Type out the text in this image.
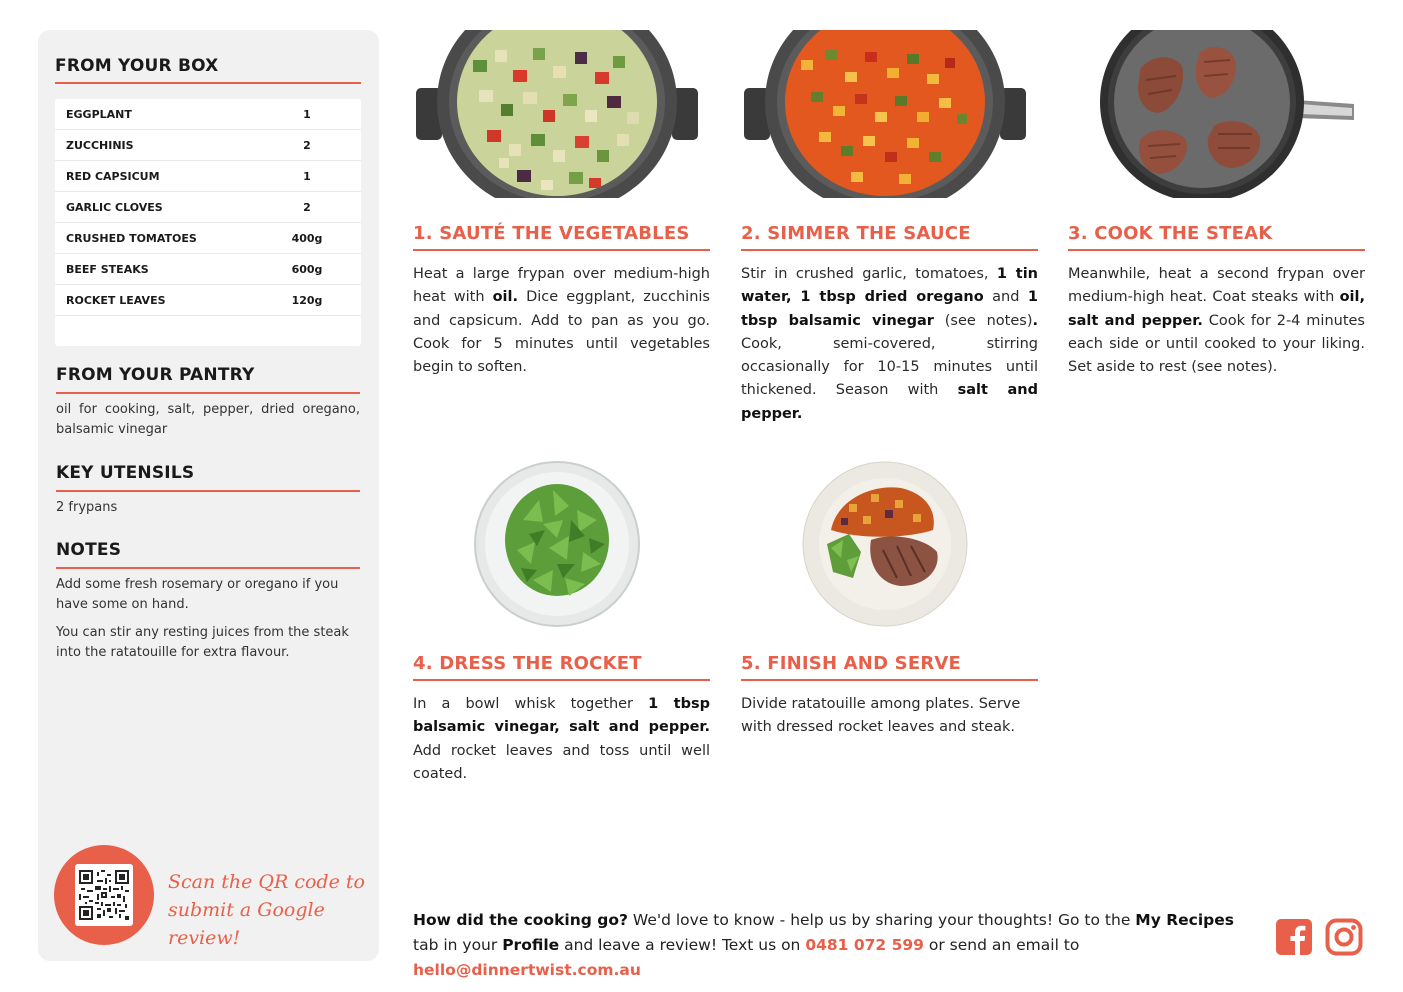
FROM YOUR BOX
EGGPLANT	1
ZUCCHINIS	2
RED CAPSICUM	1
GARLIC CLOVES	2
CRUSHED TOMATOES	400g
BEEF STEAKS	600g
ROCKET LEAVES	120g
FROM YOUR PANTRY
oil for cooking, salt, pepper, dried oregano, balsamic vinegar
KEY UTENSILS
2 frypans
NOTES

Add some fresh rosemary or oregano if you have some on hand.

You can stir any resting juices from the steak into the ratatouille for extra flavour.

Scan the QR code to
submit a Google review!
1. SAUTÉ THE VEGETABLES
Heat a large frypan over medium-high heat with oil. Dice eggplant, zucchinis and capsicum. Add to pan as you go. Cook for 5 minutes until vegetables begin to soften.
2. SIMMER THE SAUCE
Stir in crushed garlic, tomatoes, 1 tin water, 1 tbsp dried oregano and 1 tbsp balsamic vinegar (see notes). Cook, semi-covered, stirring occasionally for 10-15 minutes until thickened. Season with salt and pepper.
3. COOK THE STEAK
Meanwhile, heat a second frypan over medium-high heat. Coat steaks with oil, salt and pepper. Cook for 2-4 minutes each side or until cooked to your liking. Set aside to rest (see notes).
4. DRESS THE ROCKET
In a bowl whisk together 1 tbsp balsamic vinegar, salt and pepper. Add rocket leaves and toss until well coated.
5. FINISH AND SERVE
Divide ratatouille among plates. Serve with dressed rocket leaves and steak.
How did the cooking go? We'd love to know - help us by sharing your thoughts! Go to the My Recipes tab in your Profile and leave a review! Text us on 0481 072 599 or send an email to hello@dinnertwist.com.au
